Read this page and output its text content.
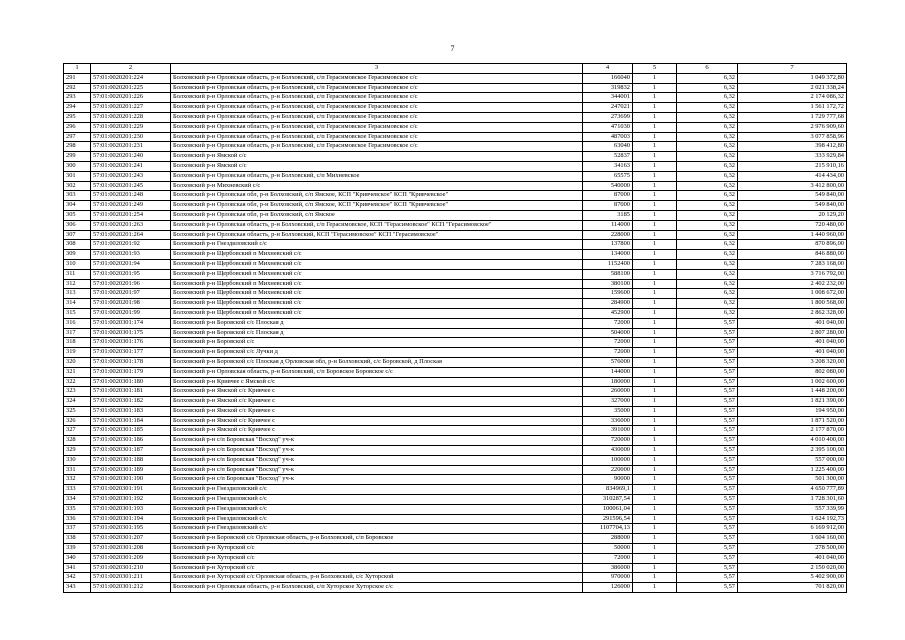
7
1	2	3	4	5	6	7
291	57:01:0020201:224	Болховский р-н Орловская область, р-н Болховский, с/п Герасимовское Герасимовское с/с	166040	1	6,32	1 049 372,80
292	57:01:0020201:225	Болховский р-н Орловская область, р-н Болховский, с/п Герасимовское Герасимовское с/с	319832	1	6,32	2 021 338,24
293	57:01:0020201:226	Болховский р-н Орловская область, р-н Болховский, с/п Герасимовское Герасимовское с/с	344001	1	6,32	2 174 086,32
294	57:01:0020201:227	Болховский р-н Орловская область, р-н Болховский, с/п Герасимовское Герасимовское с/с	247021	1	6,32	1 561 172,72
295	57:01:0020201:228	Болховский р-н Орловская область, р-н Болховский, с/п Герасимовское Герасимовское с/с	273699	1	6,32	1 729 777,68
296	57:01:0020201:229	Болховский р-н Орловская область, р-н Болховский, с/п Герасимовское Герасимовское с/с	471030	1	6,32	2 976 909,60
297	57:01:0020201:230	Болховский р-н Орловская область, р-н Болховский, с/п Герасимовское Герасимовское с/с	487003	1	6,32	3 077 858,96
298	57:01:0020201:231	Болховский р-н Орловская область, р-н Болховский, с/п Герасимовское Герасимовское с/с	63040	1	6,32	398 412,80
299	57:01:0020201:240	Болховский р-н Ямской с/с	52837	1	6,32	333 929,84
300	57:01:0020201:241	Болховский р-н Ямской с/с	34163	1	6,32	215 910,16
301	57:01:0020201:243	Болховский р-н Орловская область, р-н Болховский, с/п Михневское	65575	1	6,32	414 434,00
302	57:01:0020201:245	Болховский р-н Михневский с/с	540000	1	6,32	3 412 800,00
303	57:01:0020201:248	Болховский р-н Орловская обл, р-н Болховский, с/п Ямское, КСП "Кривчевское" КСП "Кривчевское"	87000	1	6,32	549 840,00
304	57:01:0020201:249	Болховский р-н Орловская обл, р-н Болховский, с/п Ямское, КСП "Кривчевское" КСП "Кривчевское"	87000	1	6,32	549 840,00
305	57:01:0020201:254	Болховский р-н Орловская обл, р-н Болховский, с/п Ямское	3185	1	6,32	20 129,20
306	57:01:0020201:263	Болховский р-н Орловская область, р-н Болховский, с/п Герасимовское, КСП "Герасимовское" КСП "Герасимовское"	114000	1	6,32	720 480,00
307	57:01:0020201:264	Болховский р-н Орловская область, р-н Болховский, КСП "Герасимовское" КСП "Герасимовское"	228000	1	6,32	1 440 960,00
308	57:01:0020201:92	Болховский р-н Гнездиловский с/с	137800	1	6,32	870 896,00
309	57:01:0020201:93	Болховский р-н Щербовский п Михневский с/с	134000	1	6,32	846 880,00
310	57:01:0020201:94	Болховский р-н Щербовский п Михневский с/с	1152400	1	6,32	7 283 168,00
311	57:01:0020201:95	Болховский р-н Щербовский п Михневский с/с	588100	1	6,32	3 716 792,00
312	57:01:0020201:96	Болховский р-н Щербовский п Михневский с/с	380100	1	6,32	2 402 232,00
313	57:01:0020201:97	Болховский р-н Щербовский п Михневский с/с	159600	1	6,32	1 008 672,00
314	57:01:0020201:98	Болховский р-н Щербовский п Михневский с/с	284900	1	6,32	1 800 568,00
315	57:01:0020201:99	Болховский р-н Щербовский п Михневский с/с	452900	1	6,32	2 862 328,00
316	57:01:0020301:174	Болховский р-н Боровской с/с Плоская д	72000	1	5,57	401 040,00
317	57:01:0020301:175	Болховский р-н Боровской с/с Плоская д	504000	1	5,57	2 807 280,00
318	57:01:0020301:176	Болховский р-н Боровской с/с	72000	1	5,57	401 040,00
319	57:01:0020301:177	Болховский р-н Боровской с/с Лучки д	72000	1	5,57	401 040,00
320	57:01:0020301:178	Болховский р-н Боровской с/с Плоская д Орловская обл, р-н Болховский, с/с Боровской, д Плоская	576000	1	5,57	3 208 320,00
321	57:01:0020301:179	Болховский р-н Орловская область, р-н Болховский, с/п Боровское Боровское с/с	144000	1	5,57	802 080,00
322	57:01:0020301:180	Болховский р-н Кривчее с Ямской с/с	180000	1	5,57	1 002 600,00
323	57:01:0020301:181	Болховский р-н Ямской с/с Кривчее с	260000	1	5,57	1 448 200,00
324	57:01:0020301:182	Болховский р-н Ямской с/с Кривчее с	327000	1	5,57	1 821 390,00
325	57:01:0020301:183	Болховский р-н Ямской с/с Кривчее с	35000	1	5,57	194 950,00
326	57:01:0020301:184	Болховский р-н Ямской с/с Кривчее с	336000	1	5,57	1 871 520,00
327	57:01:0020301:185	Болховский р-н Ямской с/с Кривчее с	391000	1	5,57	2 177 870,00
328	57:01:0020301:186	Болховский р-н с/п Боровская "Восход" уч-к	720000	1	5,57	4 010 400,00
329	57:01:0020301:187	Болховский р-н с/п Боровская "Восход" уч-к	430000	1	5,57	2 395 100,00
330	57:01:0020301:188	Болховский р-н с/п Боровская "Восход" уч-к	100000	1	5,57	557 000,00
331	57:01:0020301:189	Болховский р-н с/п Боровская "Восход" уч-к	220000	1	5,57	1 225 400,00
332	57:01:0020301:190	Болховский р-н с/п Боровская "Восход" уч-к	90000	1	5,57	501 300,00
333	57:01:0020301:191	Болховский р-н Гнездиловский с/с	834969,1	1	5,57	4 650 777,89
334	57:01:0020301:192	Болховский р-н Гнездиловский с/с	310287,54	1	5,57	1 728 301,60
335	57:01:0020301:193	Болховский р-н Гнездиловский с/с	100061,04	1	5,57	557 339,99
336	57:01:0020301:194	Болховский р-н Гнездиловский с/с	291596,54	1	5,57	1 624 192,73
337	57:01:0020301:195	Болховский р-н Гнездиловский с/с	1107704,13	1	5,57	6 169 912,00
338	57:01:0020301:207	Болховский р-н Боровской с/с Орловская область, р-н Болховский, с/п Боровское	288000	1	5,57	1 604 160,00
339	57:01:0020301:208	Болховский р-н Хуторской с/с	50000	1	5,57	278 500,00
340	57:01:0020301:209	Болховский р-н Хуторской с/с	72000	1	5,57	401 040,00
341	57:01:0020301:210	Болховский р-н Хуторской с/с	386000	1	5,57	2 150 020,00
342	57:01:0020301:211	Болховский р-н Хуторской с/с Орловская область, р-н Болховский, с/с Хуторской	970000	1	5,57	5 402 900,00
343	57:01:0020301:212	Болховский р-н Орловская область, р-н Болховский, с/п Хуторское Хуторское с/с	126000	1	5,57	701 820,00
